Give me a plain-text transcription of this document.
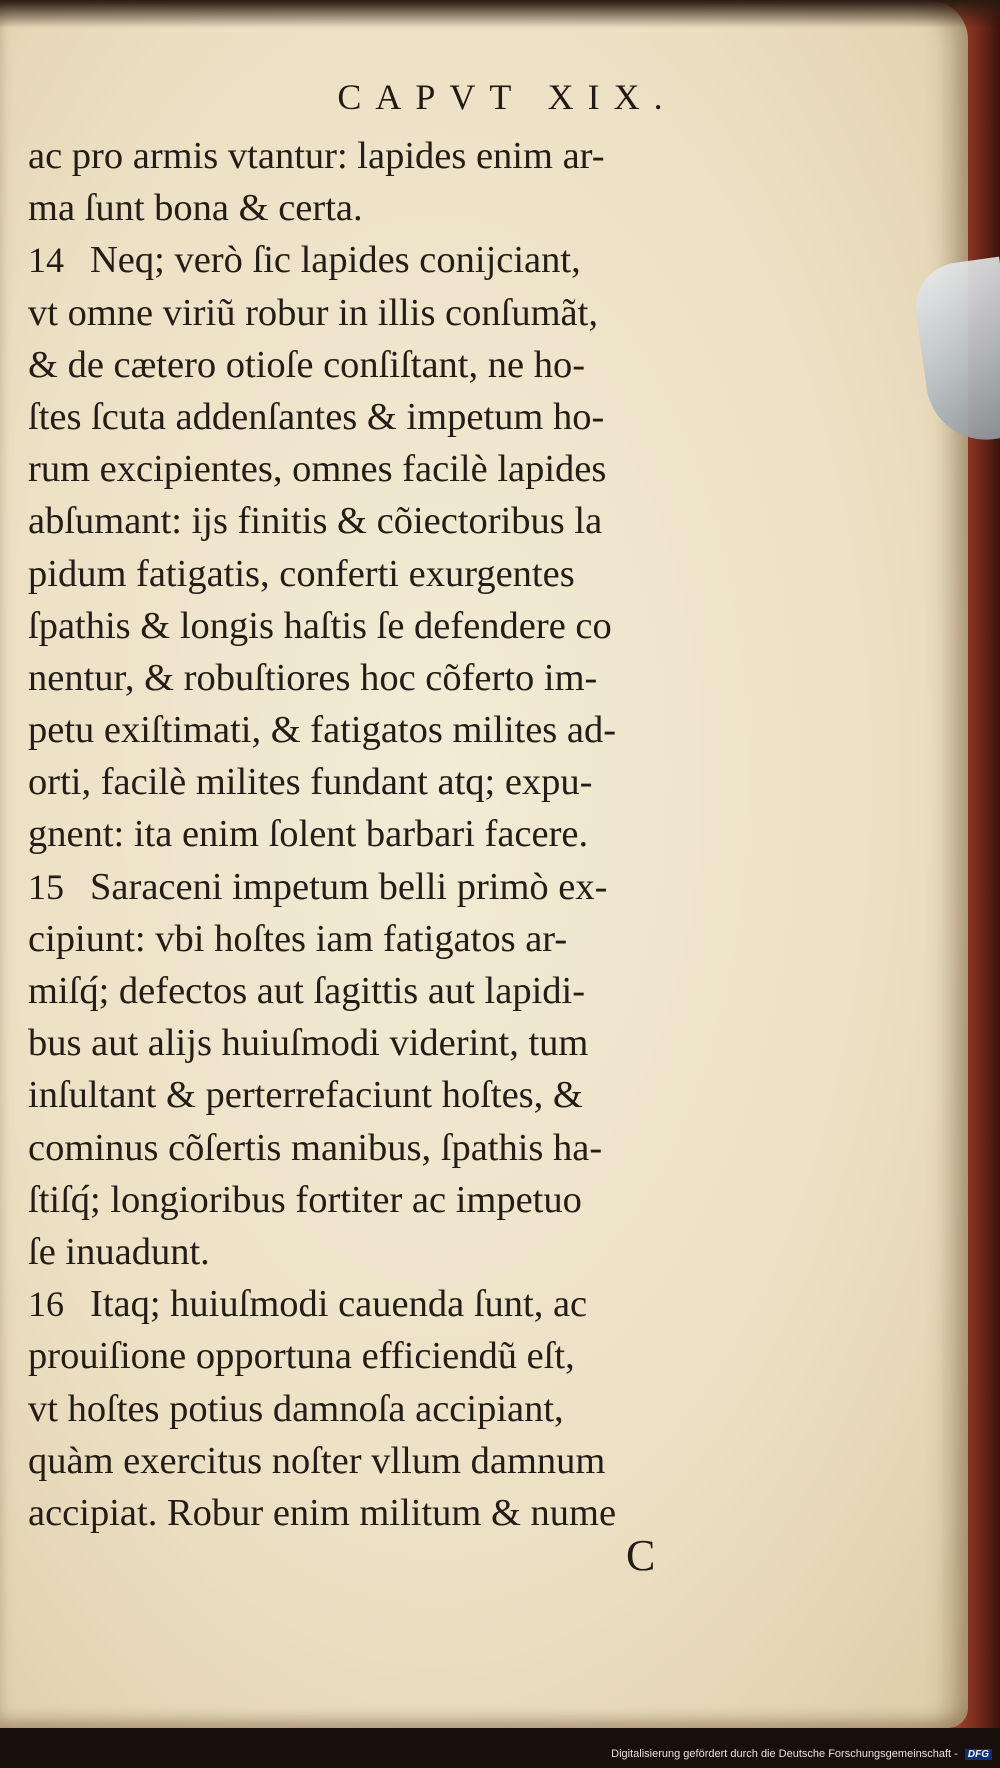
CAPVT XIX.
ac pro armis vtantur: lapides enim ar-
ma ſunt bona & certa.
14 Neq; verò ſic lapides conijciant,
vt omne viriũ robur in illis conſumãt,
& de cætero otioſe conſiſtant, ne ho-
ſtes ſcuta addenſantes & impetum ho-
rum excipientes, omnes facilè lapides
abſumant: ijs finitis & cõiectoribus la
pidum fatigatis, conferti exurgentes
ſpathis & longis haſtis ſe defendere co
nentur, & robuſtiores hoc cõferto im-
petu exiſtimati, & fatigatos milites ad-
orti, facilè milites fundant atq; expu-
gnent: ita enim ſolent barbari facere.
15 Saraceni impetum belli primò ex-
cipiunt: vbi hoſtes iam fatigatos ar-
miſq́; defectos aut ſagittis aut lapidi-
bus aut alijs huiuſmodi viderint, tum
inſultant & perterrefaciunt hoſtes, &
cominus cõſertis manibus, ſpathis ha-
ſtiſq́; longioribus fortiter ac impetuo
ſe inuadunt.
16 Itaq; huiuſmodi cauenda ſunt, ac
prouiſione opportuna efficiendũ eſt,
vt hoſtes potius damnoſa accipiant,
quàm exercitus noſter vllum damnum
accipiat. Robur enim militum & nume
C
Digitalisierung gefördert durch die Deutsche Forschungsgemeinschaft - DFG
